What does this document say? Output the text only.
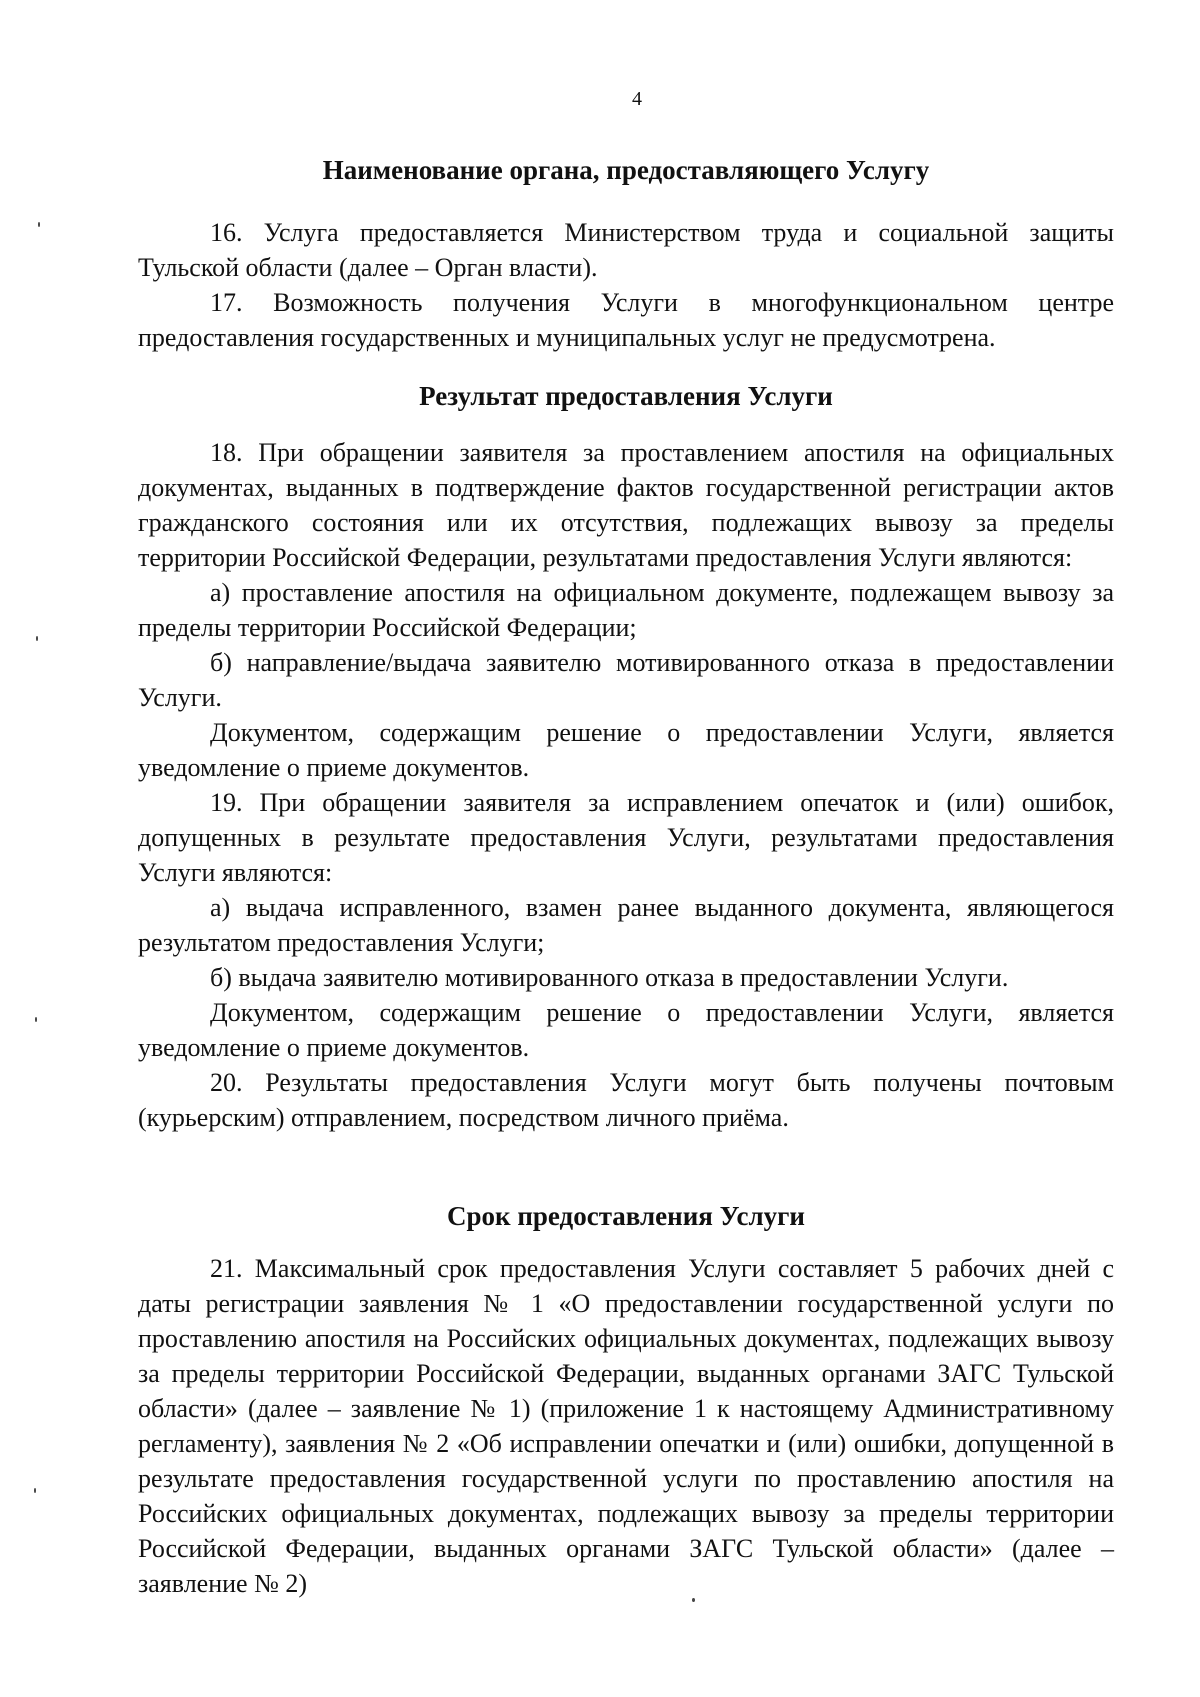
4
Наименование органа, предоставляющего Услугу

16. Услуга предоставляется Министерством труда и социальной защиты Тульской области (далее – Орган власти).

17. Возможность получения Услуги в многофункциональном центре предоставления государственных и муниципальных услуг не предусмотрена.

Результат предоставления Услуги

18. При обращении заявителя за проставлением апостиля на официальных документах, выданных в подтверждение фактов государственной регистрации актов гражданского состояния или их отсутствия, подлежащих вывозу за пределы территории Российской Федерации, результатами предоставления Услуги являются:

а) проставление апостиля на официальном документе, подлежащем вывозу за пределы территории Российской Федерации;

б) направление/выдача заявителю мотивированного отказа в предоставлении Услуги.

Документом, содержащим решение о предоставлении Услуги, является уведомление о приеме документов.

19. При обращении заявителя за исправлением опечаток и (или) ошибок, допущенных в результате предоставления Услуги, результатами предоставления Услуги являются:

а) выдача исправленного, взамен ранее выданного документа, являющегося результатом предоставления Услуги;

б) выдача заявителю мотивированного отказа в предоставлении Услуги.

Документом, содержащим решение о предоставлении Услуги, является уведомление о приеме документов.

20. Результаты предоставления Услуги могут быть получены почтовым (курьерским) отправлением, посредством личного приёма.

Срок предоставления Услуги

21. Максимальный срок предоставления Услуги составляет 5 рабочих дней с даты регистрации заявления № 1 «О предоставлении государственной услуги по проставлению апостиля на Российских официальных документах, подлежащих вывозу за пределы территории Российской Федерации, выданных органами ЗАГС Тульской области» (далее – заявление № 1) (приложение 1 к настоящему Административному регламенту), заявления № 2 «Об исправлении опечатки и (или) ошибки, допущенной в результате предоставления государственной услуги по проставлению апостиля на Российских официальных документах, подлежащих вывозу за пределы территории Российской Федерации, выданных органами ЗАГС Тульской области» (далее – заявление № 2)
